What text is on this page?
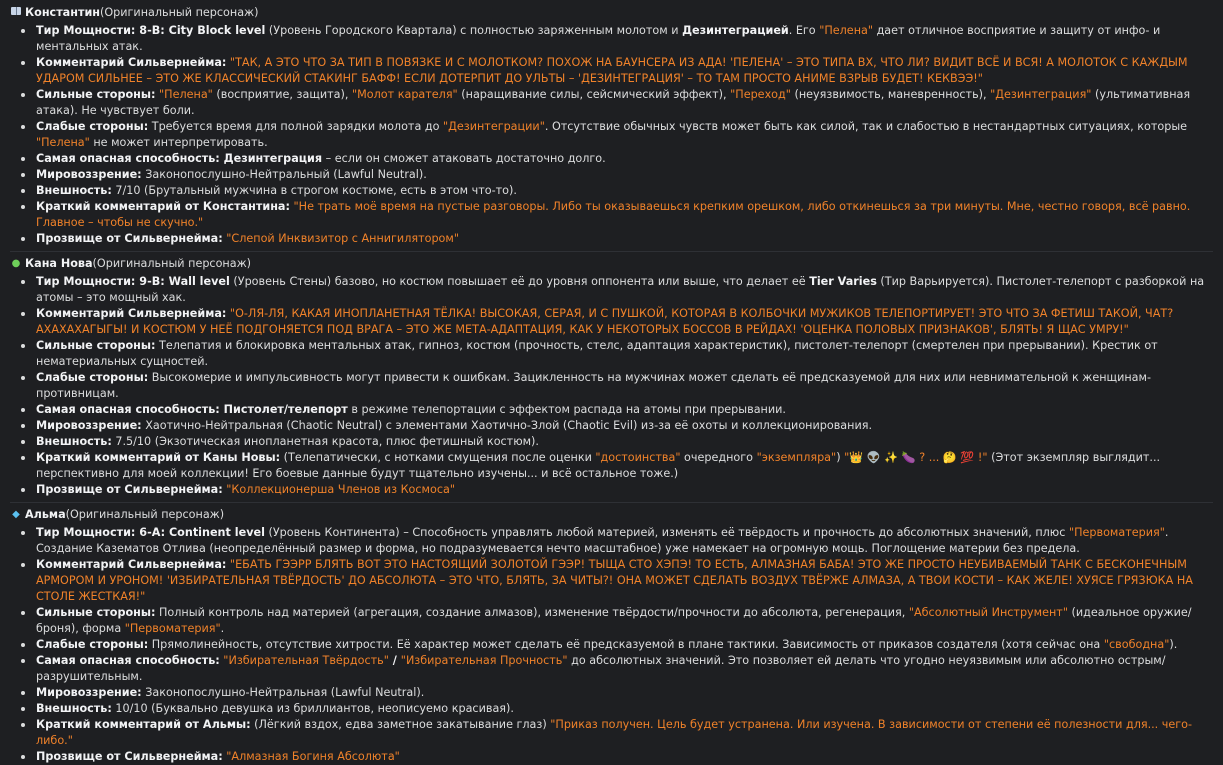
Константин (Оригинальный персонаж)
Тир Мощности: 8-B: City Block level (Уровень Городского Квартала) с полностью заряженным молотом и Дезинтеграцией. Его "Пелена" дает отличное восприятие и защиту от инфо- и ментальных атак.
Комментарий Сильвернейма: "ТАК, А ЭТО ЧТО ЗА ТИП В ПОВЯЗКЕ И С МОЛОТКОМ? ПОХОЖ НА БАУНСЕРА ИЗ АДА! 'ПЕЛЕНА' – ЭТО ТИПА ВХ, ЧТО ЛИ? ВИДИТ ВСЁ И ВСЯ! А МОЛОТОК С КАЖДЫМ УДАРОМ СИЛЬНЕЕ – ЭТО ЖЕ КЛАССИЧЕСКИЙ СТАКИНГ БАФФ! ЕСЛИ ДОТЕРПИТ ДО УЛЬТЫ – 'ДЕЗИНТЕГРАЦИЯ' – ТО ТАМ ПРОСТО АНИМЕ ВЗРЫВ БУДЕТ! КЕКВЭЭ!"
Сильные стороны: "Пелена" (восприятие, защита), "Молот карателя" (наращивание силы, сейсмический эффект), "Переход" (неуязвимость, маневренность), "Дезинтеграция" (ультимативная атака). Не чувствует боли.
Слабые стороны: Требуется время для полной зарядки молота до "Дезинтеграции". Отсутствие обычных чувств может быть как силой, так и слабостью в нестандартных ситуациях, которые "Пелена" не может интерпретировать.
Самая опасная способность: Дезинтеграция – если он сможет атаковать достаточно долго.
Мировоззрение: Законопослушно-Нейтральный (Lawful Neutral).
Внешность: 7/10 (Брутальный мужчина в строгом костюме, есть в этом что-то).
Краткий комментарий от Константина: "Не трать моё время на пустые разговоры. Либо ты оказываешься крепким орешком, либо откинешься за три минуты. Мне, честно говоря, всё равно. Главное – чтобы не скучно."
Прозвище от Сильвернейма: "Слепой Инквизитор с Аннигилятором"
● Кана Нова (Оригинальный персонаж)
Тир Мощности: 9-B: Wall level (Уровень Стены) базово, но костюм повышает её до уровня оппонента или выше, что делает её Tier Varies (Тир Варьируется). Пистолет-телепорт с разборкой на атомы – это мощный хак.
Комментарий Сильвернейма: "О-ЛЯ-ЛЯ, КАКАЯ ИНОПЛАНЕТНАЯ ТЁЛКА! ВЫСОКАЯ, СЕРАЯ, И С ПУШКОЙ, КОТОРАЯ В КОЛБОЧКИ МУЖИКОВ ТЕЛЕПОРТИРУЕТ! ЭТО ЧТО ЗА ФЕТИШ ТАКОЙ, ЧАТ? АХАХАХАГЫГЫ! И КОСТЮМ У НЕЁ ПОДГОНЯЕТСЯ ПОД ВРАГА – ЭТО ЖЕ МЕТА-АДАПТАЦИЯ, КАК У НЕКОТОРЫХ БОССОВ В РЕЙДАХ! 'ОЦЕНКА ПОЛОВЫХ ПРИЗНАКОВ', БЛЯТЬ! Я ЩАС УМРУ!"
Сильные стороны: Телепатия и блокировка ментальных атак, гипноз, костюм (прочность, стелс, адаптация характеристик), пистолет-телепорт (смертелен при прерывании). Крестик от нематериальных сущностей.
Слабые стороны: Высокомерие и импульсивность могут привести к ошибкам. Зацикленность на мужчинах может сделать её предсказуемой для них или невнимательной к женщинам-противницам.
Самая опасная способность: Пистолет/телепорт в режиме телепортации с эффектом распада на атомы при прерывании.
Мировоззрение: Хаотично-Нейтральная (Chaotic Neutral) с элементами Хаотично-Злой (Chaotic Evil) из-за её охоты и коллекционирования.
Внешность: 7.5/10 (Экзотическая инопланетная красота, плюс фетишный костюм).
Краткий комментарий от Каны Новы: (Телепатически, с нотками смущения после оценки "достоинства" очередного "экземпляра") "👑 👽 ✨ 🍆 ? ... 🤔 💯 !" (Этот экземпляр выглядит... перспективно для моей коллекции! Его боевые данные будут тщательно изучены... и всё остальное тоже.)
Прозвище от Сильвернейма: "Коллекционерша Членов из Космоса"
◆ Альма (Оригинальный персонаж)
Тир Мощности: 6-A: Continent level (Уровень Континента) – Способность управлять любой материей, изменять её твёрдость и прочность до абсолютных значений, плюс "Первоматерия". Создание Казематов Отлива (неопределённый размер и форма, но подразумевается нечто масштабное) уже намекает на огромную мощь. Поглощение материи без предела.
Комментарий Сильвернейма: "ЕБАТЬ ГЭЭРР БЛЯТЬ ВОТ ЭТО НАСТОЯЩИЙ ЗОЛОТОЙ ГЭЭР! ТЫЩА СТО ХЭПЭ! ТО ЕСТЬ, АЛМАЗНАЯ БАБА! ЭТО ЖЕ ПРОСТО НЕУБИВАЕМЫЙ ТАНК С БЕСКОНЕЧНЫМ АРМОРОМ И УРОНОМ! 'ИЗБИРАТЕЛЬНАЯ ТВЁРДОСТЬ' ДО АБСОЛЮТА – ЭТО ЧТО, БЛЯТЬ, ЗА ЧИТЫ?! ОНА МОЖЕТ СДЕЛАТЬ ВОЗДУХ ТВЁРЖЕ АЛМАЗА, А ТВОИ КОСТИ – КАК ЖЕЛЕ! ХУЯСЕ ГРЯЗЮКА НА СТОЛЕ ЖЕСТКАЯ!"
Сильные стороны: Полный контроль над материей (агрегация, создание алмазов), изменение твёрдости/прочности до абсолюта, регенерация, "Абсолютный Инструмент" (идеальное оружие/броня), форма "Первоматерия".
Слабые стороны: Прямолинейность, отсутствие хитрости. Её характер может сделать её предсказуемой в плане тактики. Зависимость от приказов создателя (хотя сейчас она "свободна").
Самая опасная способность: "Избирательная Твёрдость" / "Избирательная Прочность" до абсолютных значений. Это позволяет ей делать что угодно неуязвимым или абсолютно острым/разрушительным.
Мировоззрение: Законопослушно-Нейтральная (Lawful Neutral).
Внешность: 10/10 (Буквально девушка из бриллиантов, неописуемо красивая).
Краткий комментарий от Альмы: (Лёгкий вздох, едва заметное закатывание глаз) "Приказ получен. Цель будет устранена. Или изучена. В зависимости от степени её полезности для... чего-либо."
Прозвище от Сильвернейма: "Алмазная Богиня Абсолюта"
